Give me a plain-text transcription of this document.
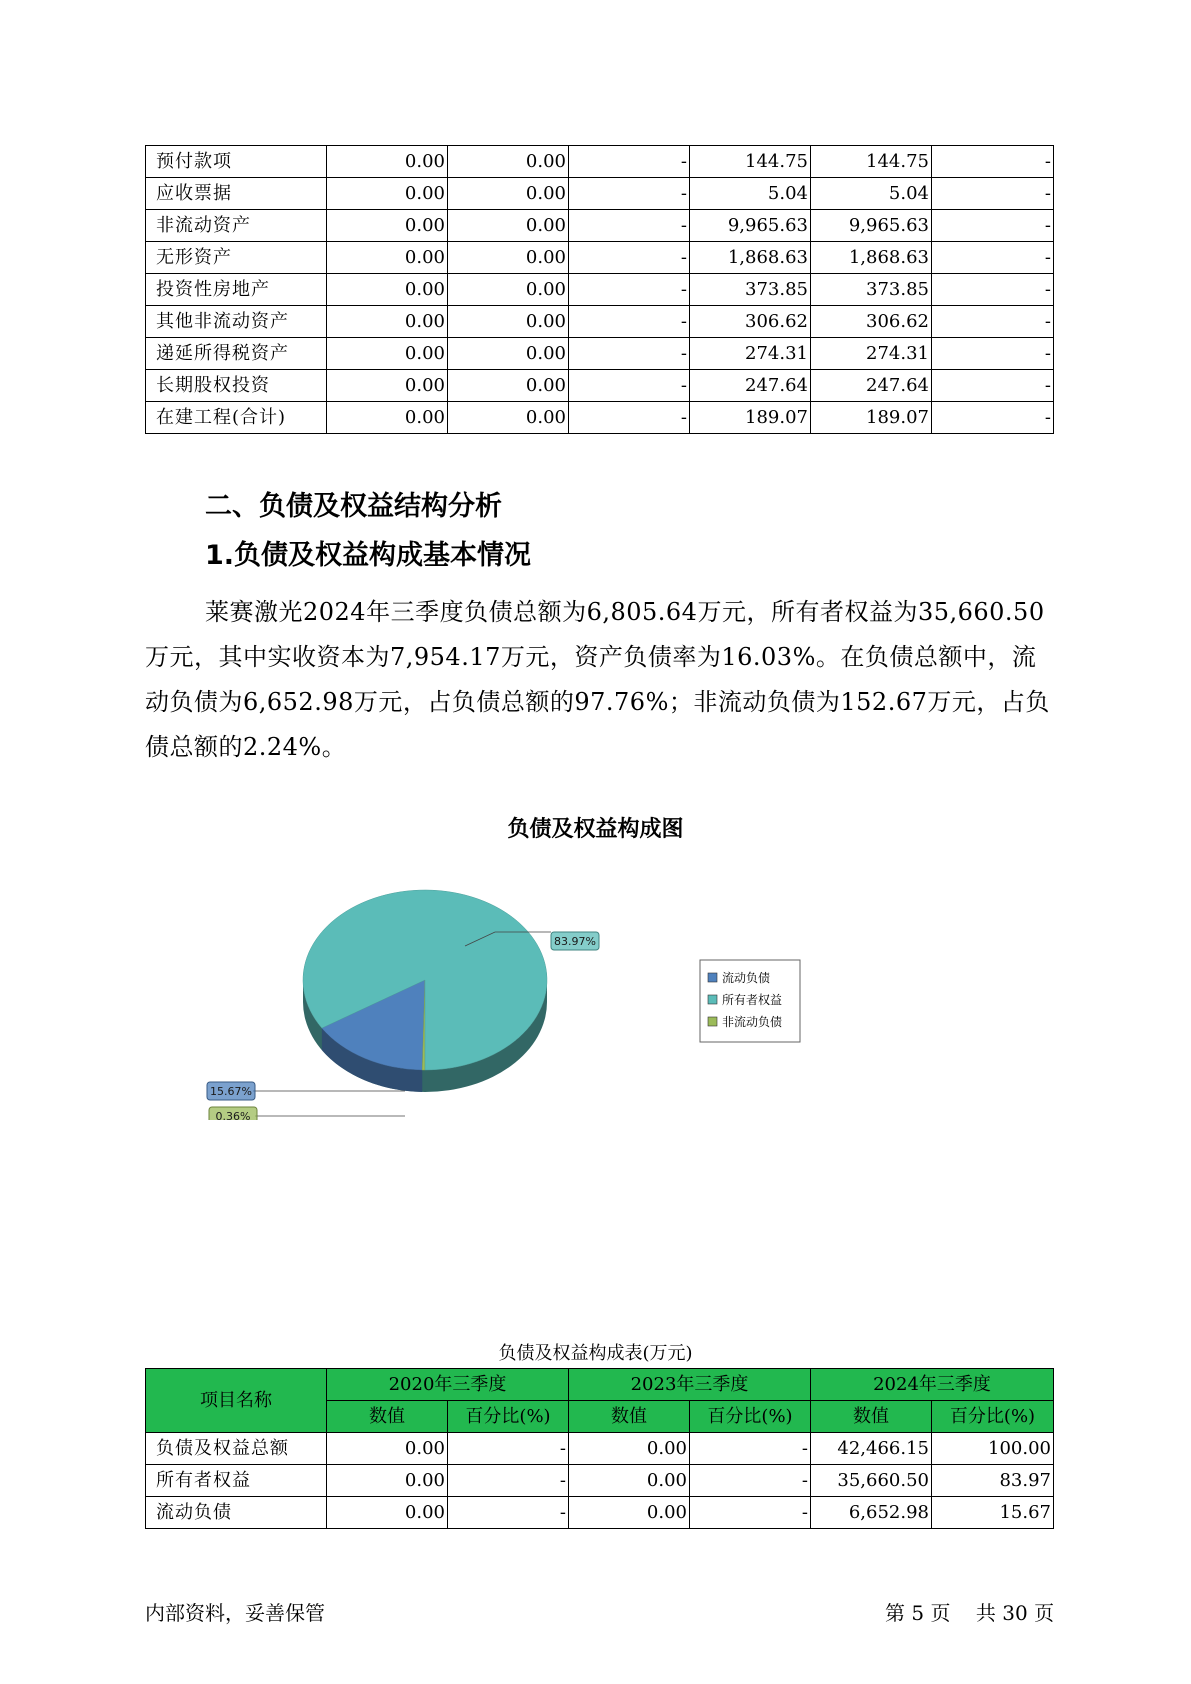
预付款项	0.00	0.00	-	144.75	144.75	-
应收票据	0.00	0.00	-	5.04	5.04	-
非流动资产	0.00	0.00	-	9,965.63	9,965.63	-
无形资产	0.00	0.00	-	1,868.63	1,868.63	-
投资性房地产	0.00	0.00	-	373.85	373.85	-
其他非流动资产	0.00	0.00	-	306.62	306.62	-
递延所得税资产	0.00	0.00	-	274.31	274.31	-
长期股权投资	0.00	0.00	-	247.64	247.64	-
在建工程(合计)	0.00	0.00	-	189.07	189.07	-
二、负债及权益结构分析
1.负债及权益构成基本情况

莱赛激光2024年三季度负债总额为6,805.64万元，所有者权益为35,660.50万元，其中实收资本为7,954.17万元，资产负债率为16.03%。在负债总额中，流动负债为6,652.98万元，占负债总额的97.76%；非流动负债为152.67万元，占负债总额的2.24%。

负债及权益构成图
15.67%
83.97%
0.36%
流动负债
所有者权益
非流动负债
负债及权益构成表(万元)
项目名称	2020年三季度		2023年三季度		2024年三季度	
	数值	百分比(%)	数值	百分比(%)	数值	百分比(%)
负债及权益总额	0.00	-	0.00	-	42,466.15	100.00
所有者权益	0.00	-	0.00	-	35,660.50	83.97
流动负债	0.00	-	0.00	-	6,652.98	15.67
内部资料，妥善保管	第 5 页 共 30 页
